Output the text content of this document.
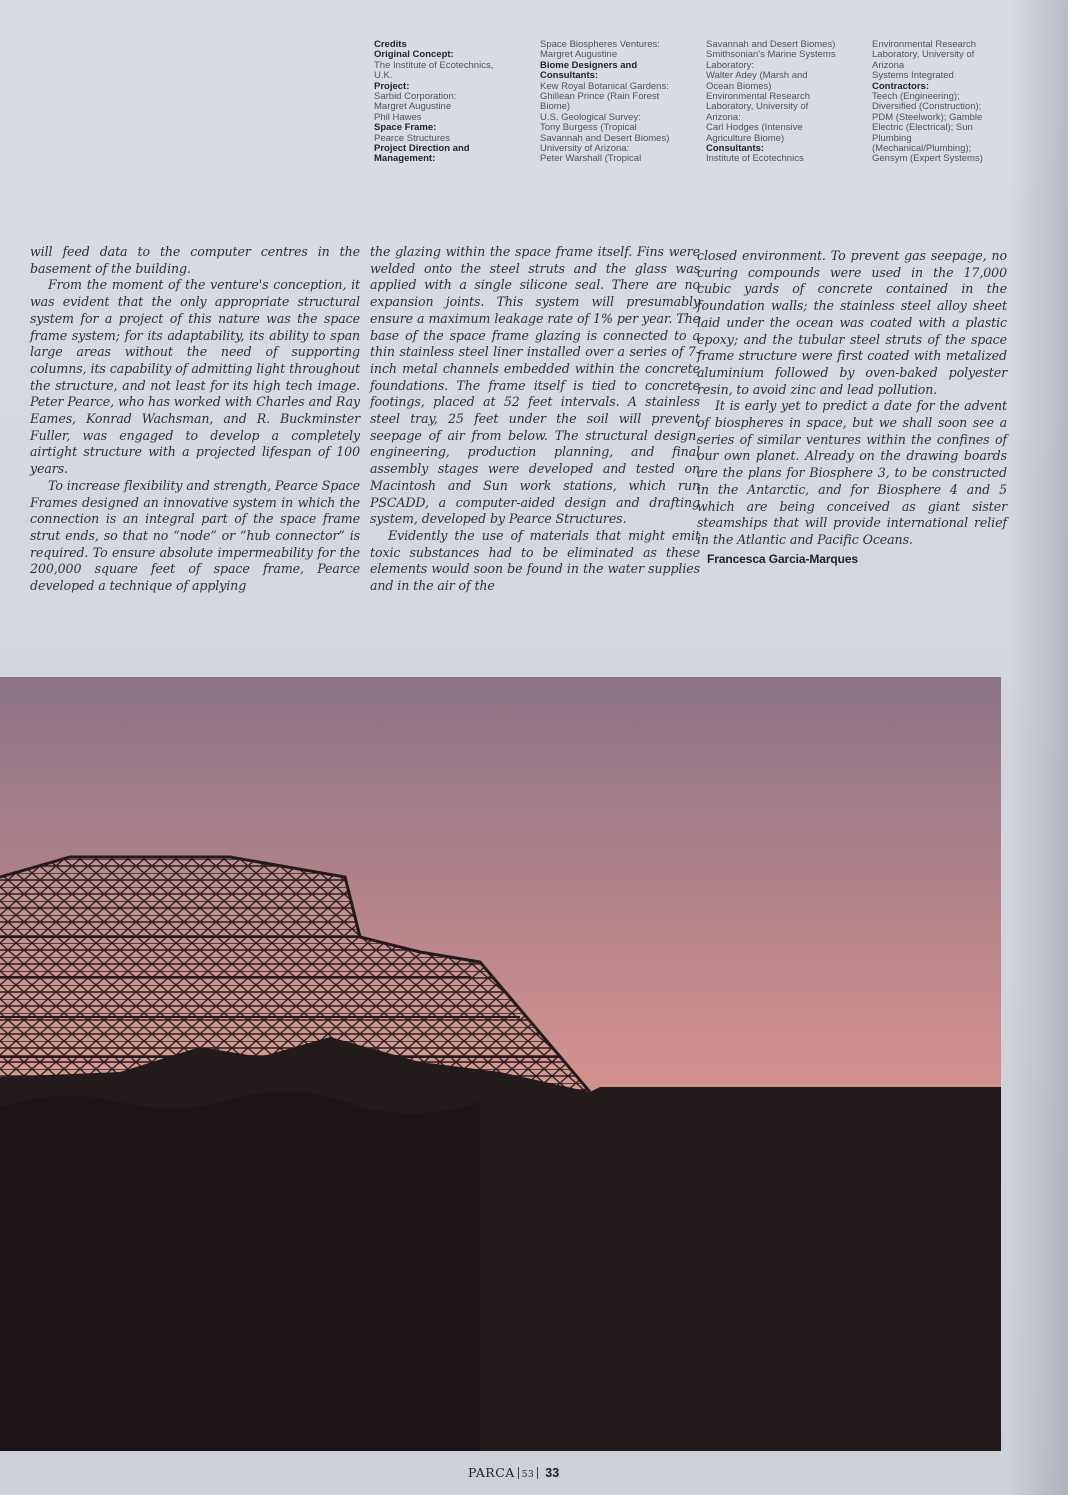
Credits
Original Concept:
The Institute of Ecotechnics,
U.K.
Project:
Sarbid Corporation:
Margret Augustine
Phil Hawes
Space Frame:
Pearce Structures
Project Direction and
Management:
Space Biospheres Ventures:
Margret Augustine
Biome Designers and
Consultants:
Kew Royal Botanical Gardens:
Ghillean Prince (Rain Forest
Biome)
U.S. Geological Survey:
Tony Burgess (Tropical
Savannah and Desert Biomes)
University of Arizona:
Peter Warshall (Tropical
Savannah and Desert Biomes)
Smithsonian's Marine Systems
Laboratory:
Walter Adey (Marsh and
Ocean Biomes)
Environmental Research
Laboratory, University of
Arizona:
Carl Hodges (Intensive
Agriculture Biome)
Consultants:
Institute of Ecotechnics
Environmental Research
Laboratory, University of
Arizona
Systems Integrated
Contractors:
Teech (Engineering);
Diversified (Construction);
PDM (Steelwork); Gamble
Electric (Electrical); Sun
Plumbing
(Mechanical/Plumbing);
Gensym (Expert Systems)

will feed data to the computer centres in the basement of the building.

From the moment of the venture's conception, it was evident that the only appropriate structural system for a project of this nature was the space frame system; for its adaptability, its ability to span large areas without the need of supporting columns, its capability of admitting light throughout the structure, and not least for its high tech image. Peter Pearce, who has worked with Charles and Ray Eames, Konrad Wachsman, and R. Buckminster Fuller, was engaged to develop a completely airtight structure with a projected lifespan of 100 years.

To increase flexibility and strength, Pearce Space Frames designed an innovative system in which the connection is an integral part of the space frame strut ends, so that no “node” or “hub connector” is required. To ensure absolute impermeability for the 200,000 square feet of space frame, Pearce developed a technique of applying

the glazing within the space frame itself. Fins were welded onto the steel struts and the glass was applied with a single silicone seal. There are no expansion joints. This system will presumably ensure a maximum leakage rate of 1% per year. The base of the space frame glazing is connected to a thin stainless steel liner installed over a series of 7-inch metal channels embedded within the concrete foundations. The frame itself is tied to concrete footings, placed at 52 feet intervals. A stainless steel tray, 25 feet under the soil will prevent seepage of air from below. The structural design, engineering, production planning, and final assembly stages were developed and tested on Macintosh and Sun work stations, which run PSCADD, a computer-aided design and drafting system, developed by Pearce Structures.

Evidently the use of materials that might emit toxic substances had to be eliminated as these elements would soon be found in the water supplies and in the air of the

closed environment. To prevent gas seepage, no curing compounds were used in the 17,000 cubic yards of concrete contained in the foundation walls; the stainless steel alloy sheet laid under the ocean was coated with a plastic epoxy; and the tubular steel struts of the space frame structure were first coated with metalized aluminium followed by oven-baked polyester resin, to avoid zinc and lead pollution.

It is early yet to predict a date for the advent of biospheres in space, but we shall soon see a series of similar ventures within the confines of our own planet. Already on the drawing boards are the plans for Biosphere 3, to be constructed in the Antarctic, and for Biosphere 4 and 5 which are being conceived as giant sister steamships that will provide international relief in the Atlantic and Pacific Oceans.

Francesca Garcia-Marques
PARCA 53 33
